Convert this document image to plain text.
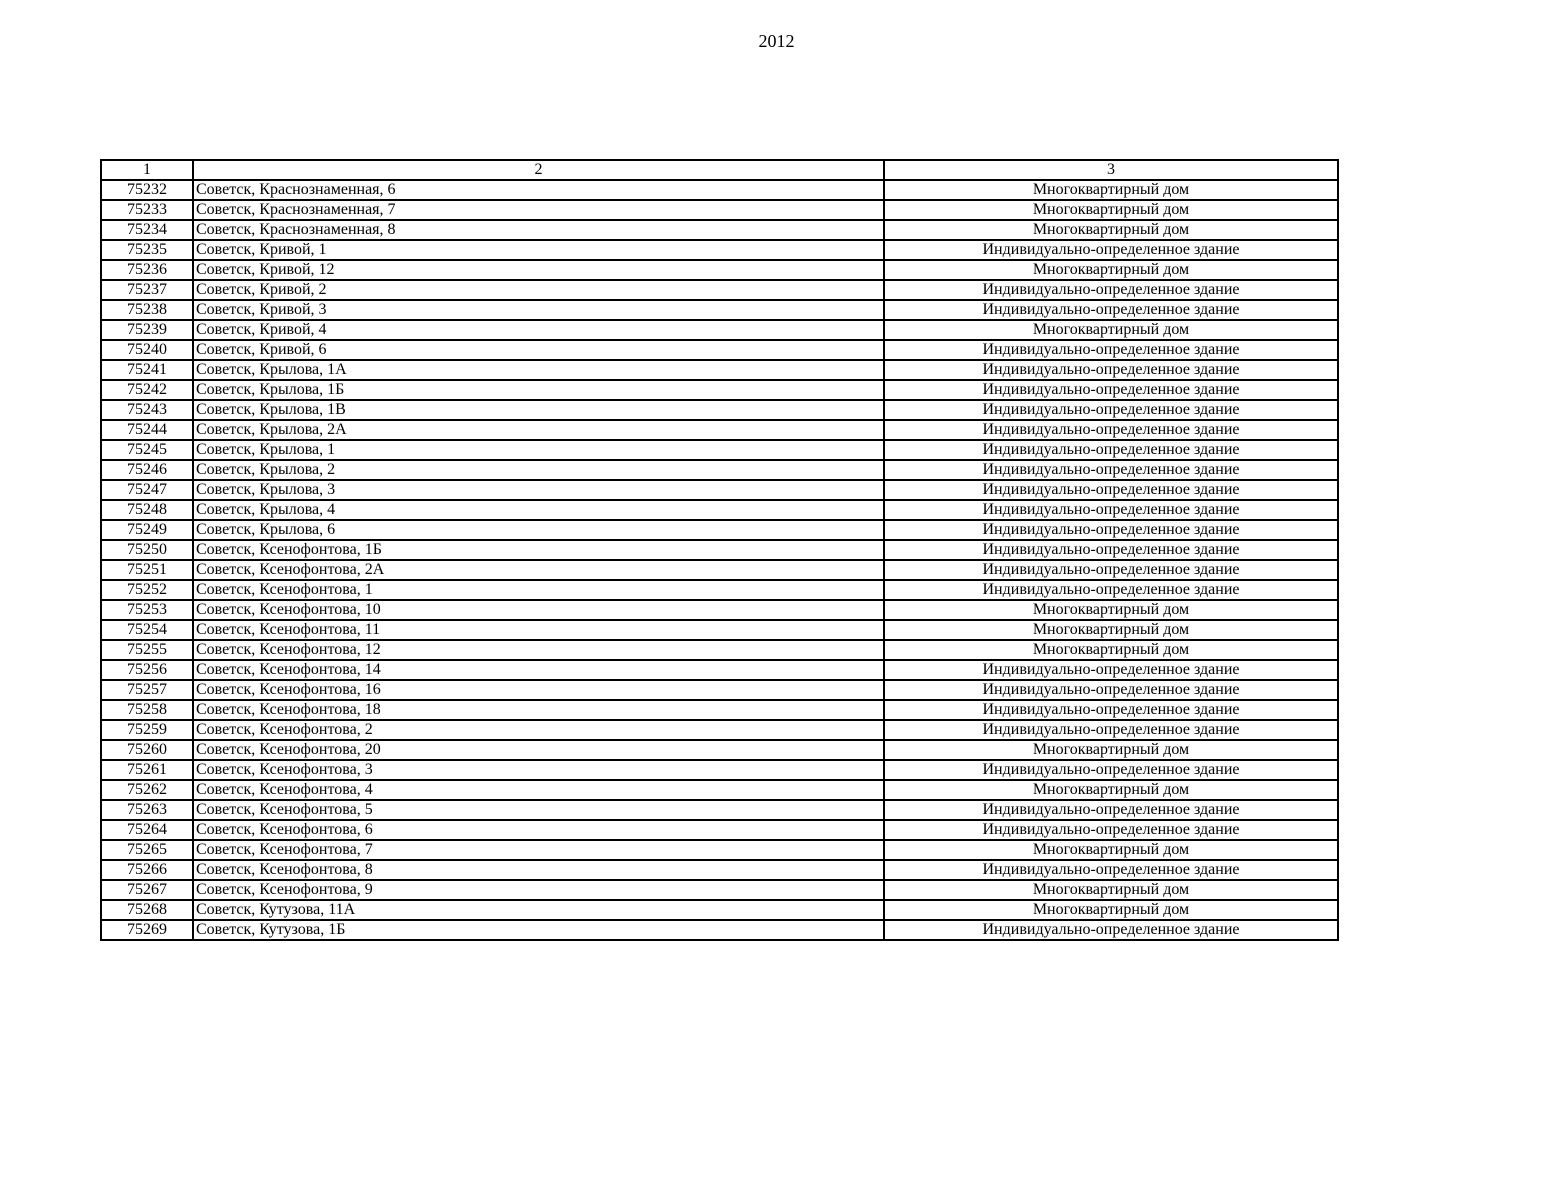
2012
1	2	3
75232	Советск, Краснознаменная, 6	Многоквартирный дом
75233	Советск, Краснознаменная, 7	Многоквартирный дом
75234	Советск, Краснознаменная, 8	Многоквартирный дом
75235	Советск, Кривой, 1	Индивидуально-определенное здание
75236	Советск, Кривой, 12	Многоквартирный дом
75237	Советск, Кривой, 2	Индивидуально-определенное здание
75238	Советск, Кривой, 3	Индивидуально-определенное здание
75239	Советск, Кривой, 4	Многоквартирный дом
75240	Советск, Кривой, 6	Индивидуально-определенное здание
75241	Советск, Крылова, 1А	Индивидуально-определенное здание
75242	Советск, Крылова, 1Б	Индивидуально-определенное здание
75243	Советск, Крылова, 1В	Индивидуально-определенное здание
75244	Советск, Крылова, 2А	Индивидуально-определенное здание
75245	Советск, Крылова, 1	Индивидуально-определенное здание
75246	Советск, Крылова, 2	Индивидуально-определенное здание
75247	Советск, Крылова, 3	Индивидуально-определенное здание
75248	Советск, Крылова, 4	Индивидуально-определенное здание
75249	Советск, Крылова, 6	Индивидуально-определенное здание
75250	Советск, Ксенофонтова, 1Б	Индивидуально-определенное здание
75251	Советск, Ксенофонтова, 2А	Индивидуально-определенное здание
75252	Советск, Ксенофонтова, 1	Индивидуально-определенное здание
75253	Советск, Ксенофонтова, 10	Многоквартирный дом
75254	Советск, Ксенофонтова, 11	Многоквартирный дом
75255	Советск, Ксенофонтова, 12	Многоквартирный дом
75256	Советск, Ксенофонтова, 14	Индивидуально-определенное здание
75257	Советск, Ксенофонтова, 16	Индивидуально-определенное здание
75258	Советск, Ксенофонтова, 18	Индивидуально-определенное здание
75259	Советск, Ксенофонтова, 2	Индивидуально-определенное здание
75260	Советск, Ксенофонтова, 20	Многоквартирный дом
75261	Советск, Ксенофонтова, 3	Индивидуально-определенное здание
75262	Советск, Ксенофонтова, 4	Многоквартирный дом
75263	Советск, Ксенофонтова, 5	Индивидуально-определенное здание
75264	Советск, Ксенофонтова, 6	Индивидуально-определенное здание
75265	Советск, Ксенофонтова, 7	Многоквартирный дом
75266	Советск, Ксенофонтова, 8	Индивидуально-определенное здание
75267	Советск, Ксенофонтова, 9	Многоквартирный дом
75268	Советск, Кутузова, 11А	Многоквартирный дом
75269	Советск, Кутузова, 1Б	Индивидуально-определенное здание
